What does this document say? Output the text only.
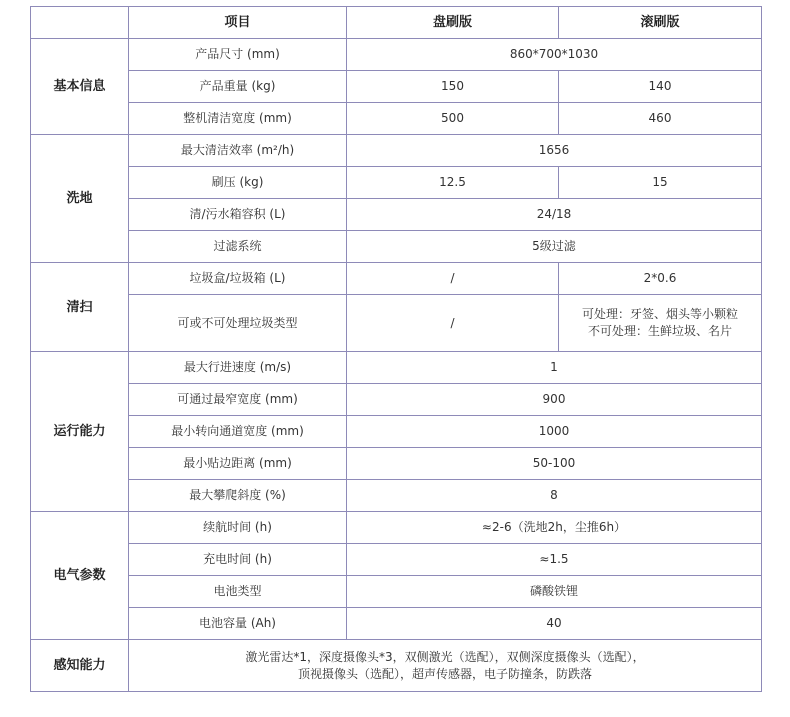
	项目	盘刷版	滚刷版
基本信息	产品尺寸 (mm)	860*700*1030	
	产品重量 (kg)	150	140
	整机清洁宽度 (mm)	500	460
洗地	最大清洁效率 (m²/h)	1656	
	刷压 (kg)	12.5	15
	清/污水箱容积 (L)	24/18	
	过滤系统	5级过滤	
清扫	垃圾盒/垃圾箱 (L)	/	2*0.6
	可或不可处理垃圾类型	/	可处理：牙签、烟头等小颗粒
不可处理：生鲜垃圾、名片

运行能力	最大行进速度 (m/s)	1	
	可通过最窄宽度 (mm)	900	
	最小转向通道宽度 (mm)	1000	
	最小贴边距离 (mm)	50-100	
	最大攀爬斜度 (%)	8	
电气参数	续航时间 (h)	≈2-6（洗地2h，尘推6h）	
	充电时间 (h)	≈1.5	
	电池类型	磷酸铁锂	
	电池容量 (Ah)	40	
感知能力	激光雷达*1，深度摄像头*3，双侧激光（选配），双侧深度摄像头（选配），
顶视摄像头（选配），超声传感器，电子防撞条，防跌落		
